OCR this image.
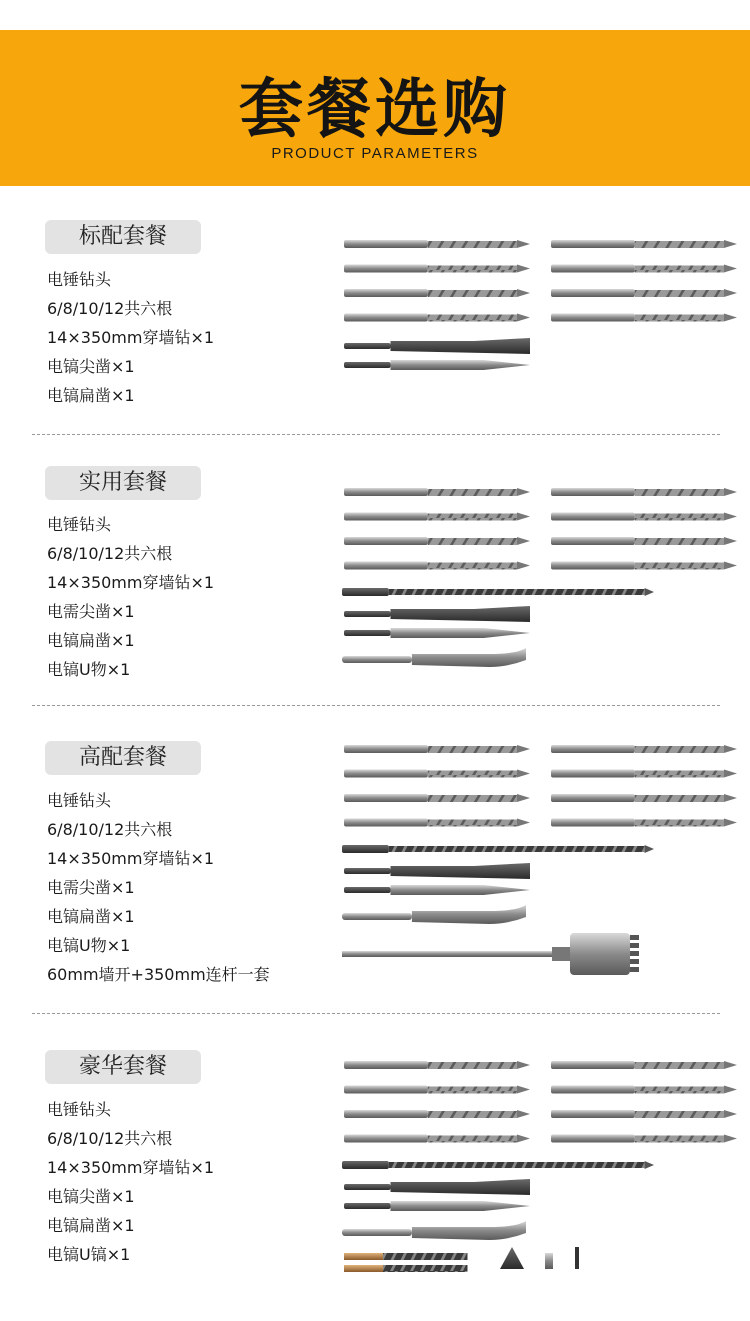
套餐选购
PRODUCT PARAMETERS
标配套餐
电锤钻头
6/8/10/12共六根
14×350mm穿墙钻×1
电镐尖凿×1
电镐扁凿×1
实用套餐
电锤钻头
6/8/10/12共六根
14×350mm穿墙钻×1
电需尖凿×1
电镐扁凿×1
电镐U物×1
高配套餐
电锤钻头
6/8/10/12共六根
14×350mm穿墙钻×1
电需尖凿×1
电镐扁凿×1
电镐U物×1
60mm墙开+350mm连杆一套
豪华套餐
电锤钻头
6/8/10/12共六根
14×350mm穿墙钻×1
电镐尖凿×1
电镐扁凿×1
电镐U镐×1
